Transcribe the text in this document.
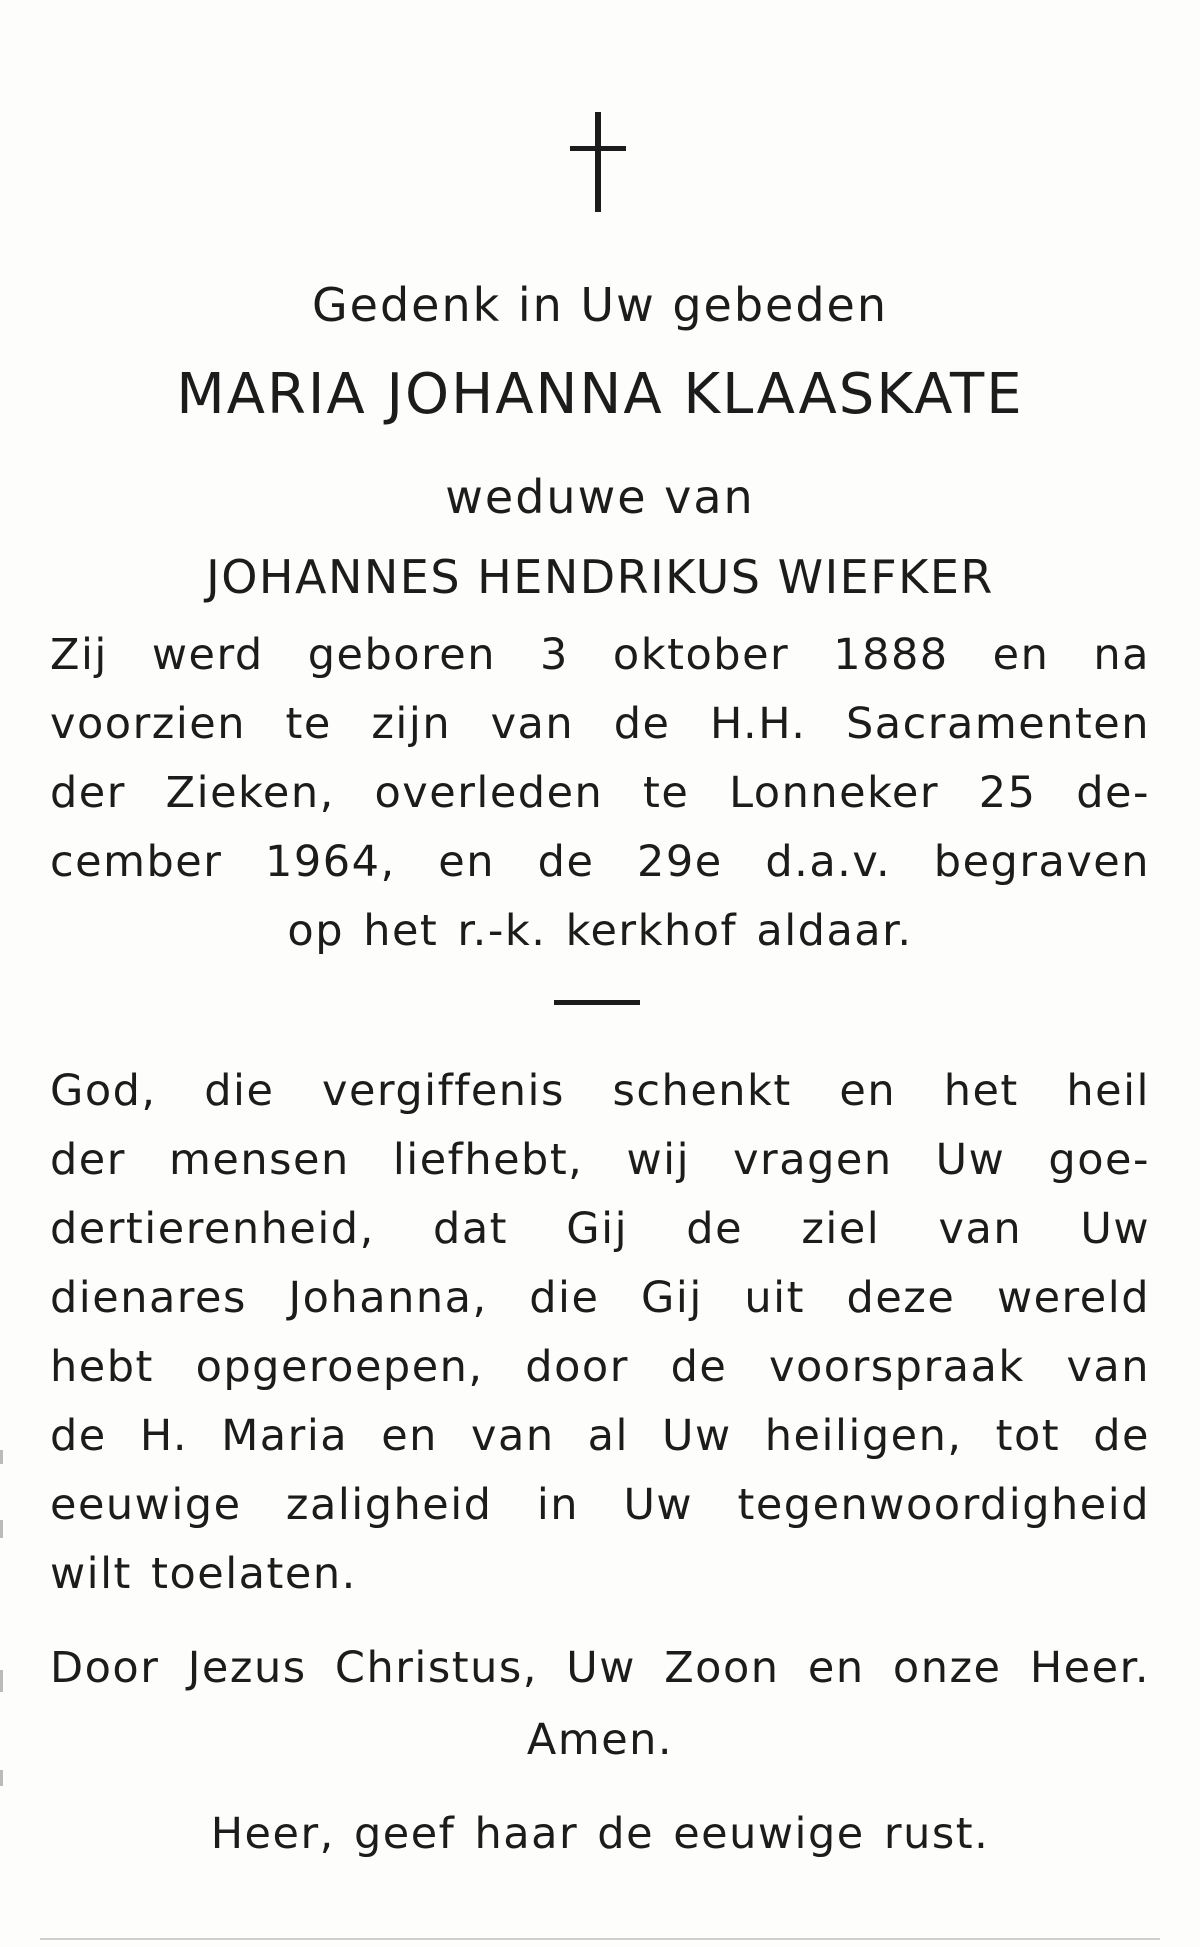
Gedenk in Uw gebeden
MARIA JOHANNA KLAASKATE
weduwe van
JOHANNES HENDRIKUS WIEFKER
Zij werd geboren 3 oktober 1888 en na
voorzien te zijn van de H.H. Sacramenten
der Zieken, overleden te Lonneker 25 de-
cember 1964, en de 29e d.a.v. begraven
op het r.-k. kerkhof aldaar.
God, die vergiffenis schenkt en het heil
der mensen liefhebt, wij vragen Uw goe-
dertierenheid, dat Gij de ziel van Uw
dienares Johanna, die Gij uit deze wereld
hebt opgeroepen, door de voorspraak van
de H. Maria en van al Uw heiligen, tot de
eeuwige zaligheid in Uw tegenwoordigheid
wilt toelaten.
Door Jezus Christus, Uw Zoon en onze Heer.
Amen.
Heer, geef haar de eeuwige rust.
